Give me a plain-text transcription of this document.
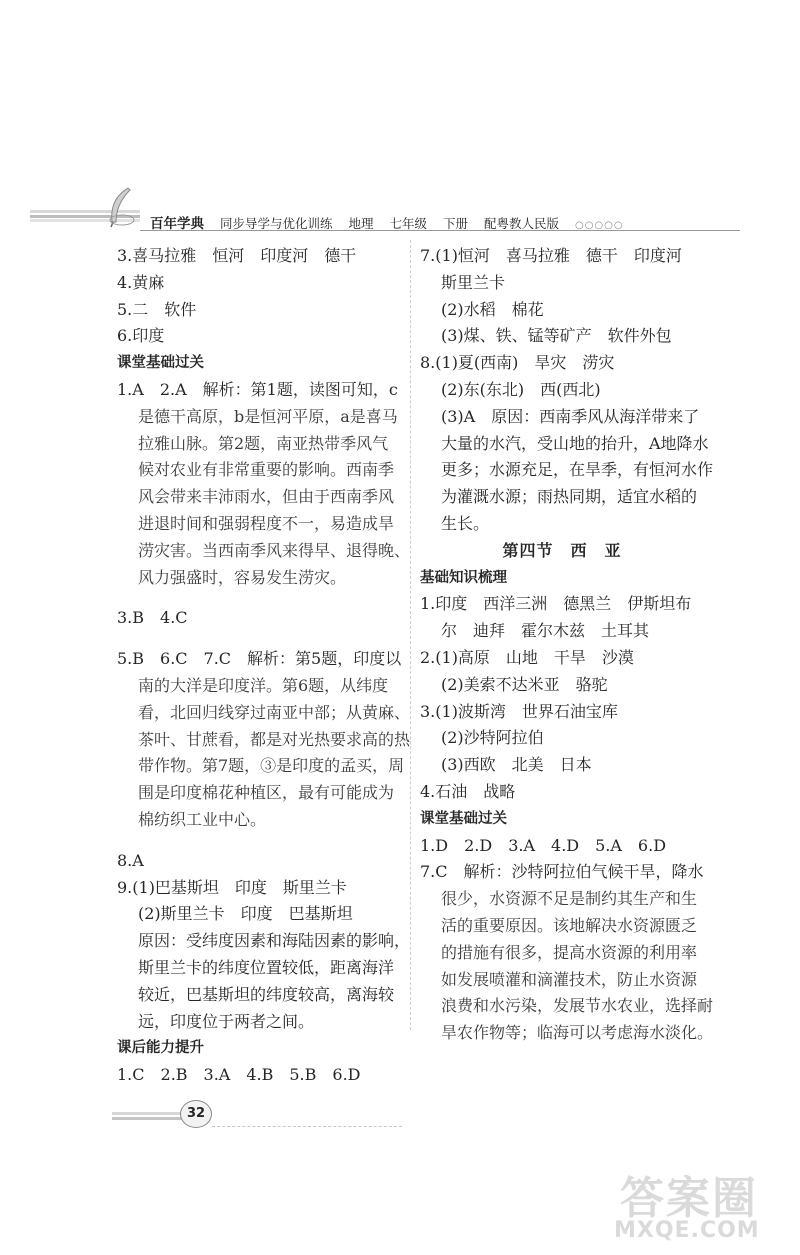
百年学典 同步导学与优化训练 地理 七年级 下册 配粤教人民版 ○○○○○
3.喜马拉雅　恒河　印度河　德干
4.黄麻
5.二　软件
6.印度
课堂基础过关
1.A　2.A　解析：第1题，读图可知，c
是德干高原，b是恒河平原，a是喜马
拉雅山脉。第2题，南亚热带季风气
候对农业有非常重要的影响。西南季
风会带来丰沛雨水，但由于西南季风
进退时间和强弱程度不一，易造成旱
涝灾害。当西南季风来得早、退得晚、
风力强盛时，容易发生涝灾。
3.B　4.C
5.B　6.C　7.C　解析：第5题，印度以
南的大洋是印度洋。第6题，从纬度
看，北回归线穿过南亚中部；从黄麻、
茶叶、甘蔗看，都是对光热要求高的热
带作物。第7题，③是印度的孟买，周
围是印度棉花种植区，最有可能成为
棉纺织工业中心。
8.A
9.(1)巴基斯坦　印度　斯里兰卡
(2)斯里兰卡　印度　巴基斯坦
原因：受纬度因素和海陆因素的影响，
斯里兰卡的纬度位置较低，距离海洋
较近，巴基斯坦的纬度较高，离海较
远，印度位于两者之间。
课后能力提升
1.C　2.B　3.A　4.B　5.B　6.D
7.(1)恒河　喜马拉雅　德干　印度河
斯里兰卡
(2)水稻　棉花
(3)煤、铁、锰等矿产　软件外包
8.(1)夏(西南)　旱灾　涝灾
(2)东(东北)　西(西北)
(3)A　原因：西南季风从海洋带来了
大量的水汽，受山地的抬升，A地降水
更多；水源充足，在旱季，有恒河水作
为灌溉水源；雨热同期，适宜水稻的
生长。
第四节　西　亚
基础知识梳理
1.印度　西洋三洲　德黑兰　伊斯坦布
尔　迪拜　霍尔木兹　土耳其
2.(1)高原　山地　干旱　沙漠
(2)美索不达米亚　骆驼
3.(1)波斯湾　世界石油宝库
(2)沙特阿拉伯
(3)西欧　北美　日本
4.石油　战略
课堂基础过关
1.D　2.D　3.A　4.D　5.A　6.D
7.C　解析：沙特阿拉伯气候干旱，降水
很少，水资源不足是制约其生产和生
活的重要原因。该地解决水资源匮乏
的措施有很多，提高水资源的利用率
如发展喷灌和滴灌技术，防止水资源
浪费和水污染，发展节水农业，选择耐
旱农作物等；临海可以考虑海水淡化。
32
答案圈
MXQE.COM
